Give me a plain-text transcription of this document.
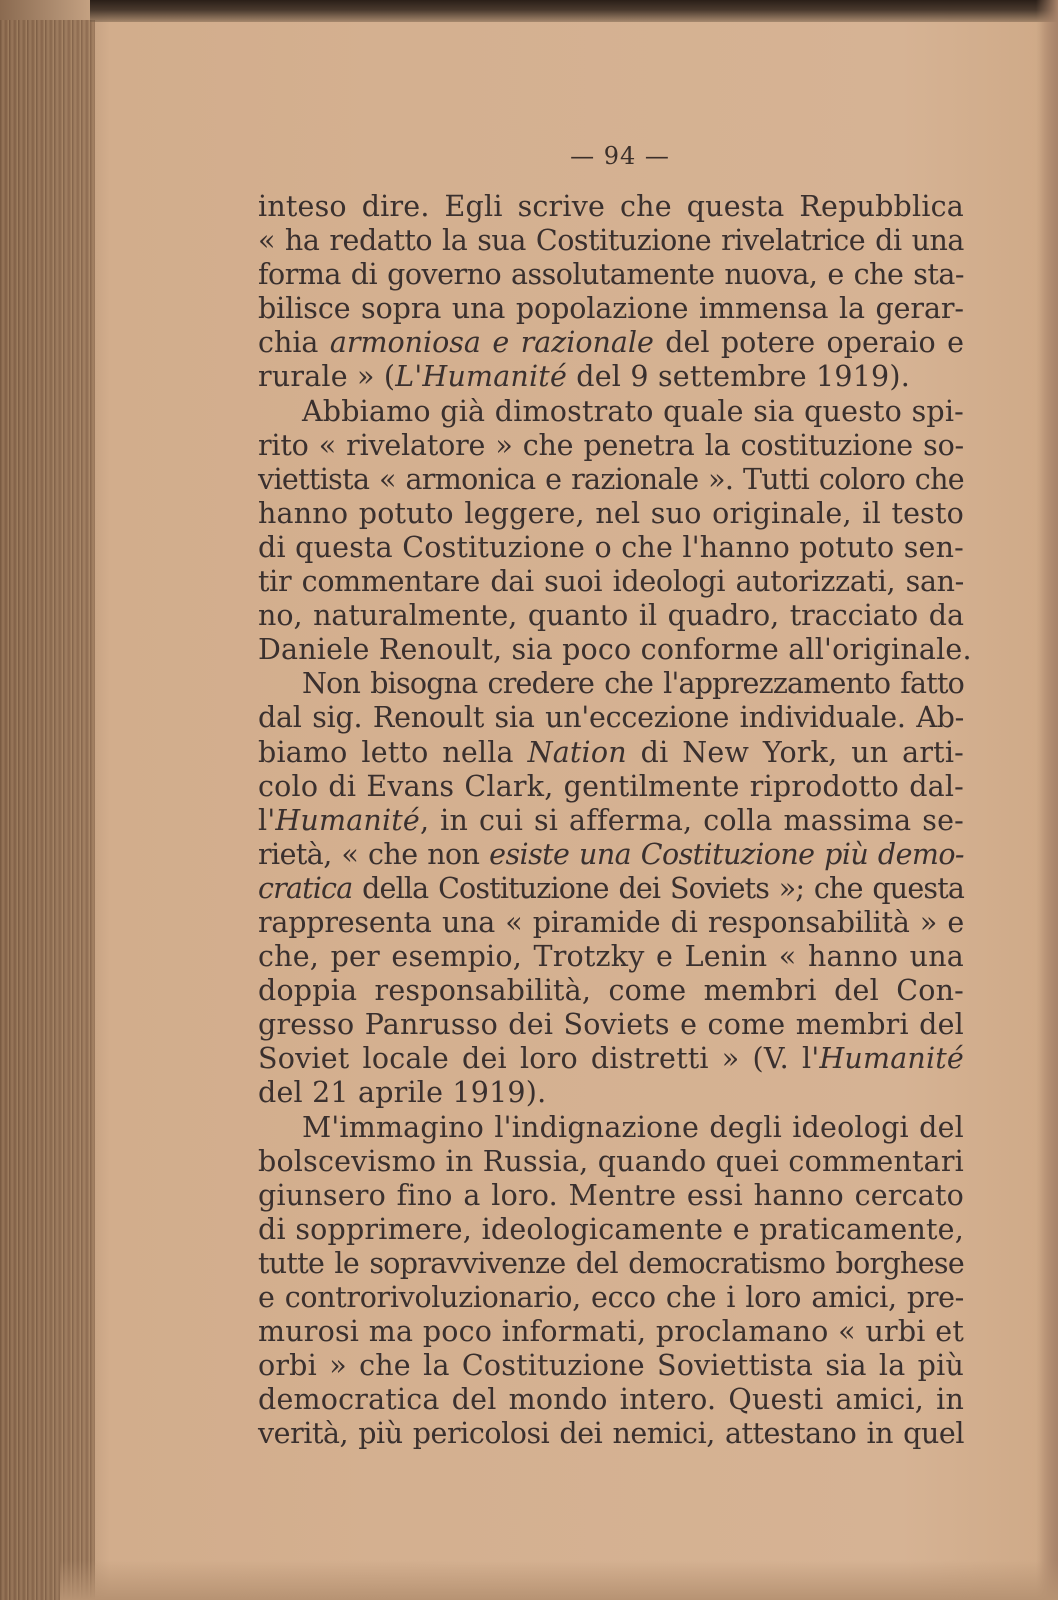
— 94 —
inteso dire. Egli scrive che questa Repubblica
« ha redatto la sua Costituzione rivelatrice di una
forma di governo assolutamente nuova, e che sta-
bilisce sopra una popolazione immensa la gerar-
chia armoniosa e razionale del potere operaio e
rurale » (L'Humanité del 9 settembre 1919).
Abbiamo già dimostrato quale sia questo spi-
rito « rivelatore » che penetra la costituzione so-
viettista « armonica e razionale ». Tutti coloro che
hanno potuto leggere, nel suo originale, il testo
di questa Costituzione o che l'hanno potuto sen-
tir commentare dai suoi ideologi autorizzati, san-
no, naturalmente, quanto il quadro, tracciato da
Daniele Renoult, sia poco conforme all'originale.
Non bisogna credere che l'apprezzamento fatto
dal sig. Renoult sia un'eccezione individuale. Ab-
biamo letto nella Nation di New York, un arti-
colo di Evans Clark, gentilmente riprodotto dal-
l'Humanité, in cui si afferma, colla massima se-
rietà, « che non esiste una Costituzione più demo-
cratica della Costituzione dei Soviets »; che questa
rappresenta una « piramide di responsabilità » e
che, per esempio, Trotzky e Lenin « hanno una
doppia responsabilità, come membri del Con-
gresso Panrusso dei Soviets e come membri del
Soviet locale dei loro distretti » (V. l'Humanité
del 21 aprile 1919).
M'immagino l'indignazione degli ideologi del
bolscevismo in Russia, quando quei commentari
giunsero fino a loro. Mentre essi hanno cercato
di sopprimere, ideologicamente e praticamente,
tutte le sopravvivenze del democratismo borghese
e controrivoluzionario, ecco che i loro amici, pre-
murosi ma poco informati, proclamano « urbi et
orbi » che la Costituzione Soviettista sia la più
democratica del mondo intero. Questi amici, in
verità, più pericolosi dei nemici, attestano in quel
